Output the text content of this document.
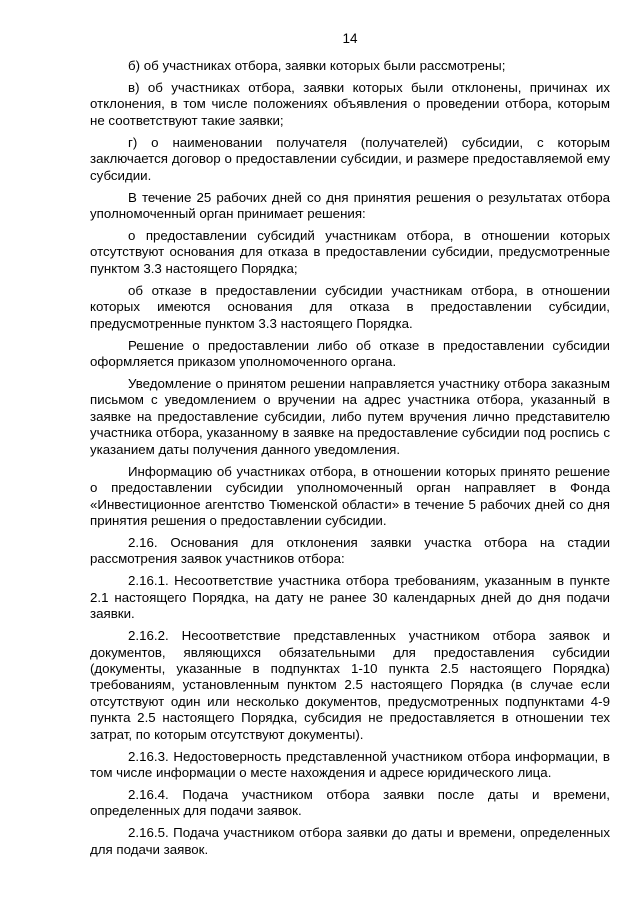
14

б) об участниках отбора, заявки которых были рассмотрены;

в) об участниках отбора, заявки которых были отклонены, причинах их отклонения, в том числе положениях объявления о проведении отбора, которым не соответствуют такие заявки;

г) о наименовании получателя (получателей) субсидии, с которым заключается договор о предоставлении субсидии, и размере предоставляемой ему субсидии.

В течение 25 рабочих дней со дня принятия решения о результатах отбора уполномоченный орган принимает решения:

о предоставлении субсидий участникам отбора, в отношении которых отсутствуют основания для отказа в предоставлении субсидии, предусмотренные пунктом 3.3 настоящего Порядка;

об отказе в предоставлении субсидии участникам отбора, в отношении которых имеются основания для отказа в предоставлении субсидии, предусмотренные пунктом 3.3 настоящего Порядка.

Решение о предоставлении либо об отказе в предоставлении субсидии оформляется приказом уполномоченного органа.

Уведомление о принятом решении направляется участнику отбора заказным письмом с уведомлением о вручении на адрес участника отбора, указанный в заявке на предоставление субсидии, либо путем вручения лично представителю участника отбора, указанному в заявке на предоставление субсидии под роспись с указанием даты получения данного уведомления.

Информацию об участниках отбора, в отношении которых принято решение о предоставлении субсидии уполномоченный орган направляет в Фонда «Инвестиционное агентство Тюменской области» в течение 5 рабочих дней со дня принятия решения о предоставлении субсидии.

2.16. Основания для отклонения заявки участка отбора на стадии рассмотрения заявок участников отбора:

2.16.1. Несоответствие участника отбора требованиям, указанным в пункте 2.1 настоящего Порядка, на дату не ранее 30 календарных дней до дня подачи заявки.

2.16.2. Несоответствие представленных участником отбора заявок и документов, являющихся обязательными для предоставления субсидии (документы, указанные в подпунктах 1-10 пункта 2.5 настоящего Порядка) требованиям, установленным пунктом 2.5 настоящего Порядка (в случае если отсутствуют один или несколько документов, предусмотренных подпунктами 4-9 пункта 2.5 настоящего Порядка, субсидия не предоставляется в отношении тех затрат, по которым отсутствуют документы).

2.16.3. Недостоверность представленной участником отбора информации, в том числе информации о месте нахождения и адресе юридического лица.

2.16.4. Подача участником отбора заявки после даты и времени, определенных для подачи заявок.

2.16.5. Подача участником отбора заявки до даты и времени, определенных для подачи заявок.
